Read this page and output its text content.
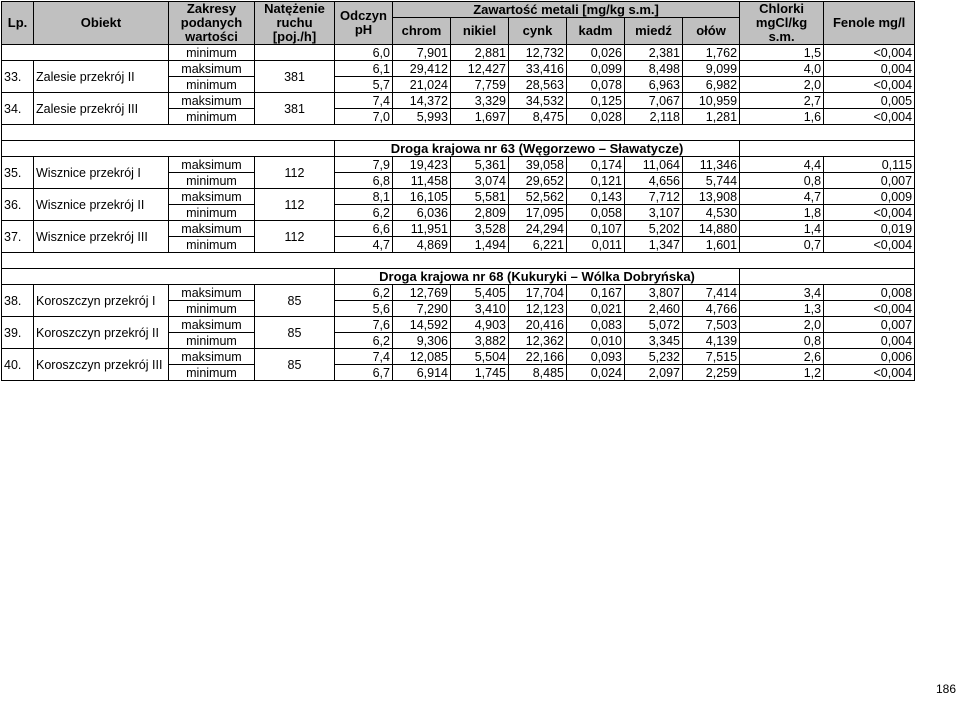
Lp.	Obiekt	Zakresy podanych wartości	Natężenie ruchu [poj./h]	Odczyn pH	Zawartość metali [mg/kg s.m.]						Chlorki mgCl/kg s.m.	Fenole mg/l
					chrom	nikiel	cynk	kadm	miedź	ołów		

		minimum		6,0	7,901	2,881	12,732	0,026	2,381	1,762	1,5	<0,004
33.	Zalesie przekrój II	maksimum	381	6,1	29,412	12,427	33,416	0,099	8,498	9,099	4,0	0,004
		minimum		5,7	21,024	7,759	28,563	0,078	6,963	6,982	2,0	<0,004
34.	Zalesie przekrój III	maksimum	381	7,4	14,372	3,329	34,532	0,125	7,067	10,959	2,7	0,005
		minimum		7,0	5,993	1,697	8,475	0,028	2,118	1,281	1,6	<0,004

				Droga krajowa nr 63 (Węgorzewo – Sławatycze)								
35.	Wisznice przekrój I	maksimum	112	7,9	19,423	5,361	39,058	0,174	11,064	11,346	4,4	0,115
		minimum		6,8	11,458	3,074	29,652	0,121	4,656	5,744	0,8	0,007
36.	Wisznice przekrój II	maksimum	112	8,1	16,105	5,581	52,562	0,143	7,712	13,908	4,7	0,009
		minimum		6,2	6,036	2,809	17,095	0,058	3,107	4,530	1,8	<0,004
37.	Wisznice przekrój III	maksimum	112	6,6	11,951	3,528	24,294	0,107	5,202	14,880	1,4	0,019
		minimum		4,7	4,869	1,494	6,221	0,011	1,347	1,601	0,7	<0,004

				Droga krajowa nr 68 (Kukuryki – Wólka Dobryńska)								
38.	Koroszczyn przekrój I	maksimum	85	6,2	12,769	5,405	17,704	0,167	3,807	7,414	3,4	0,008
		minimum		5,6	7,290	3,410	12,123	0,021	2,460	4,766	1,3	<0,004
39.	Koroszczyn przekrój II	maksimum	85	7,6	14,592	4,903	20,416	0,083	5,072	7,503	2,0	0,007
		minimum		6,2	9,306	3,882	12,362	0,010	3,345	4,139	0,8	0,004
40.	Koroszczyn przekrój III	maksimum	85	7,4	12,085	5,504	22,166	0,093	5,232	7,515	2,6	0,006
		minimum		6,7	6,914	1,745	8,485	0,024	2,097	2,259	1,2	<0,004
186
